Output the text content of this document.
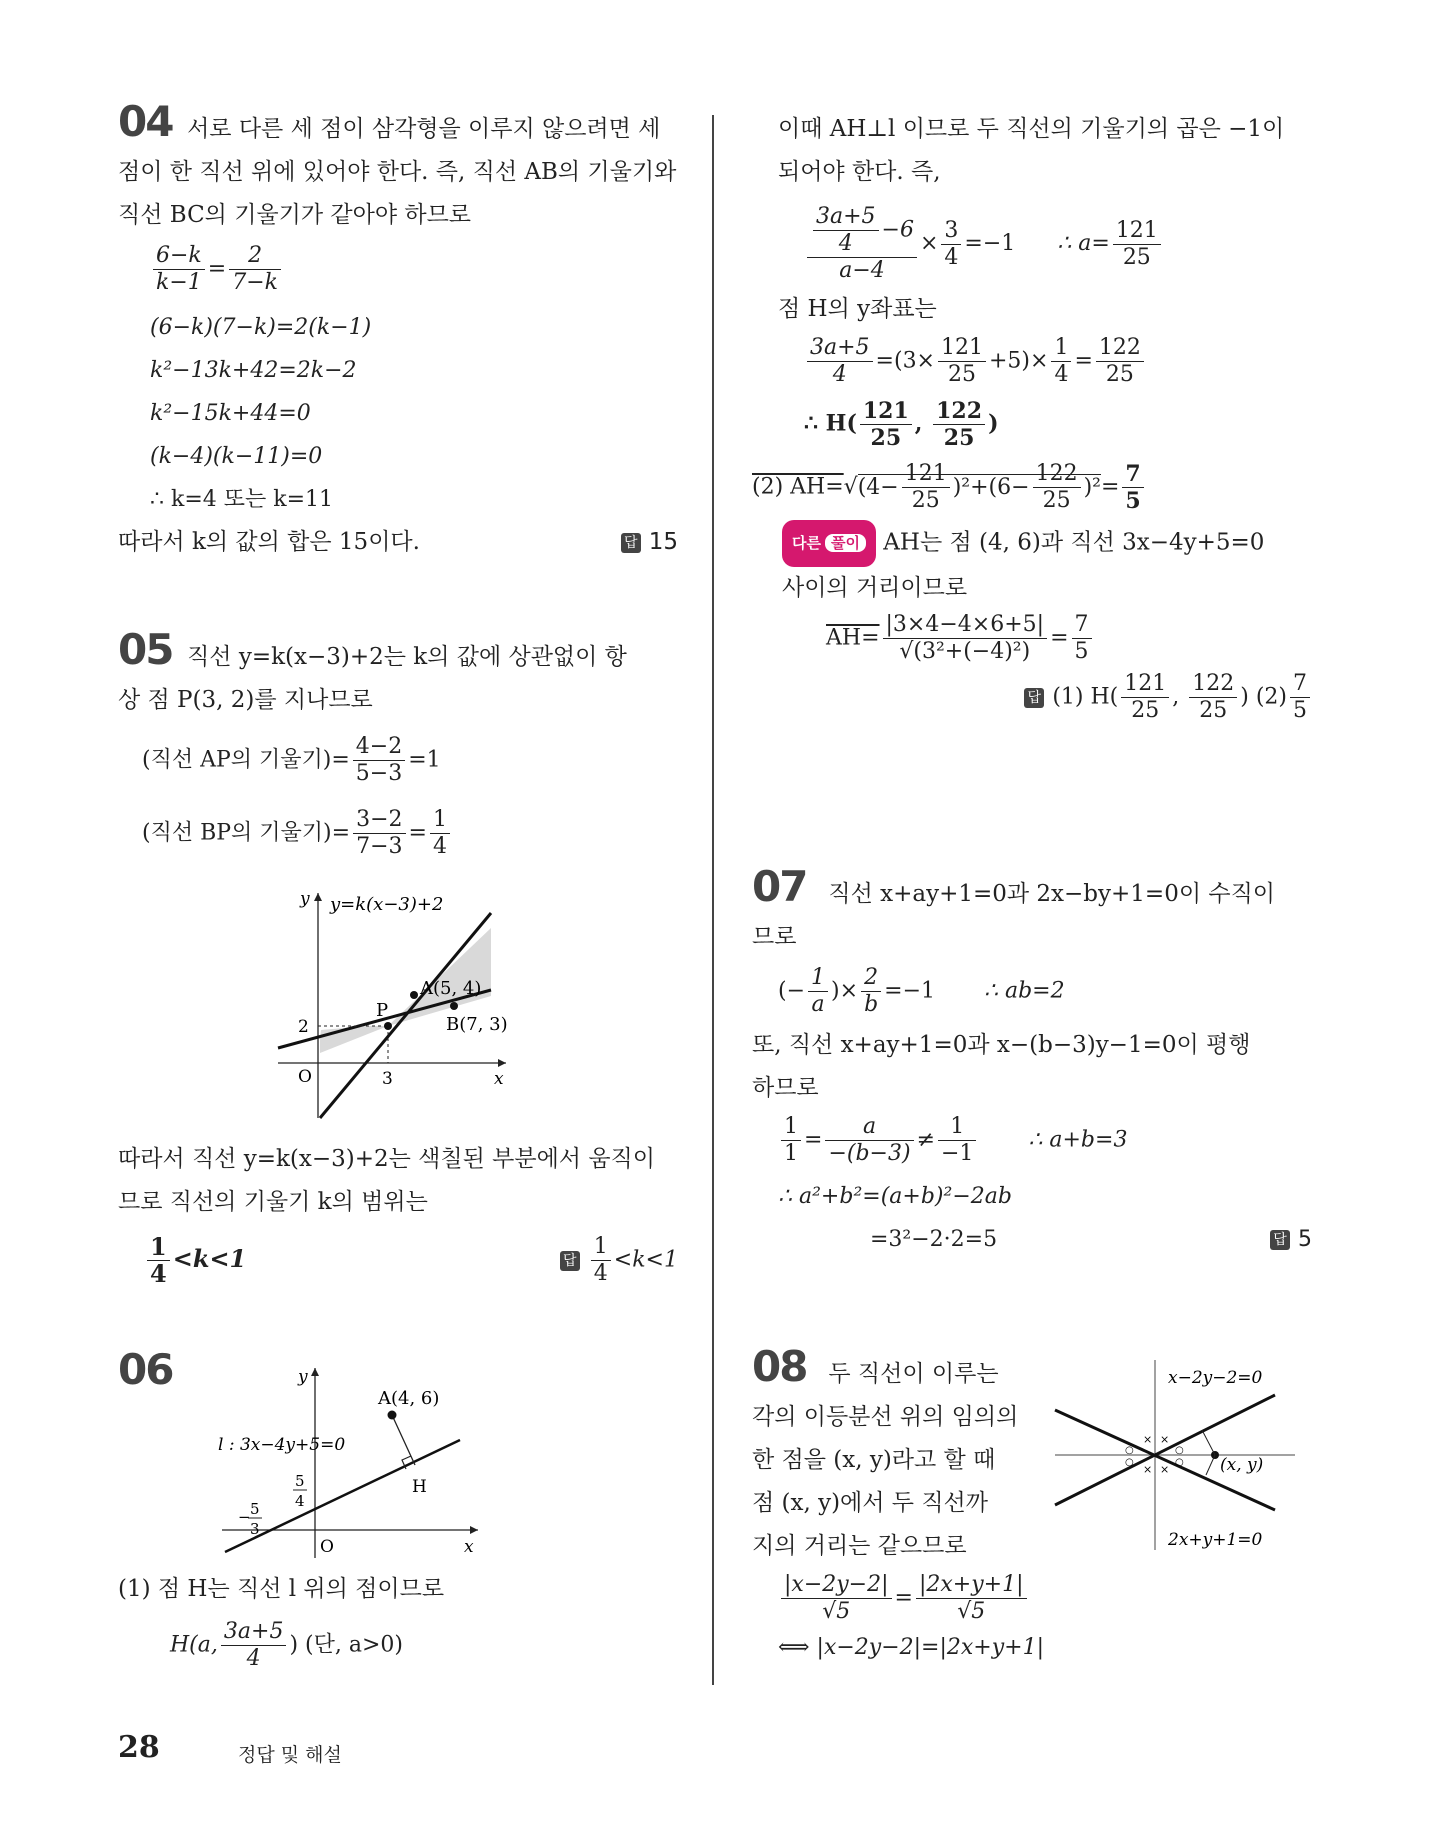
04 서로 다른 세 점이 삼각형을 이루지 않으려면 세
점이 한 직선 위에 있어야 한다. 즉, 직선 AB의 기울기와
직선 BC의 기울기가 같아야 하므로
$\frac{6-k}{k-1} = \frac{2}{7-k}$
(6−k)(7−k)=2(k−1)
k²−13k+42=2k−2
k²−15k+44=0
(k−4)(k−11)=0
∴ k=4 또는 k=11
따라서 k의 값의 합은 15이다.	답 15
05 직선 y=k(x−3)+2는 k의 값에 상관없이 항
상 점 P(3, 2)를 지나므로
(직선 AP의 기울기)= $\frac{4-2}{5-3} =1$
(직선 BP의 기울기)= $\frac{3-2}{7-3} = \frac{1}{4}$
y=k(x−3)+2
A(5, 4)
B(7, 3)
P
2
3
O	x
y
따라서 직선 y=k(x−3)+2는 색칠된 부분에서 움직이
므로 직선의 기울기 k의 범위는
$\frac{1}{4} <k<1$	답 $\frac{1}{4} <k<1$
06
A(4, 6)
l : 3x−4y+5=0
H
5
4
− 5
3
O	x
y
(1) 점 H는 직선 l 위의 점이므로
H(a, $\frac{3a+5}{4}$ ) (단, a>0)
이때 AH⊥l 이므로 두 직선의 기울기의 곱은 −1이
되어야 한다. 즉,
$\frac{\frac{3a+5}{4} -6}{a-4} \times \frac{3}{4} =-1$ ∴ $a= \frac{121}{25}$
점 H의 y좌표는
$\frac{3a+5}{4} =(3\times \frac{121}{25} +5)\times \frac{1}{4} = \frac{122}{25}$
∴ $H( \frac{121}{25}$ , $\frac{122}{25}$ )
(2) $AH=√(4- \frac{121}{25} )^2+(6- \frac{122}{25} )^2= \frac{7}{5}$
다른 풀이 AH는 점 (4, 6)과 직선 3x−4y+5=0
사이의 거리이므로
$AH= \frac{|3\times 4-4\times 6+5|}{\text{√(3²+(−4)²)}} = \frac{7}{5}$
답 (1) $H( \frac{121}{25}$ , $\frac{122}{25}$ ) $(2) \frac{7}{5}$
07 직선 x+ay+1=0과 2x−by+1=0이 수직이
므로
(− $\frac{1}{a}$ )× $\frac{2}{b} =-1$ ∴ ab=2
또, 직선 x+ay+1=0과 x−(b−3)y−1=0이 평행
하므로
$\frac{1}{1} = \frac{a}{-(b-3)} \ne \frac{1}{-1}$ ∴ a+b=3
∴ a²+b²=(a+b)²−2ab
=3²−2·2=5	답 5
08 두 직선이 이루는
각의 이등분선 위의 임의의
한 점을 (x, y)라고 할 때
점 (x, y)에서 두 직선까
지의 거리는 같으므로
× ×
× ×
○
○
○
○
x−2y−2=0
2x+y+1=0
(x, y)
$\frac{|x-2y-2|}{√5} = \frac{|2x+y+1|}{√5}$
⟺ |x−2y−2|=|2x+y+1|
28	정답 및 해설
